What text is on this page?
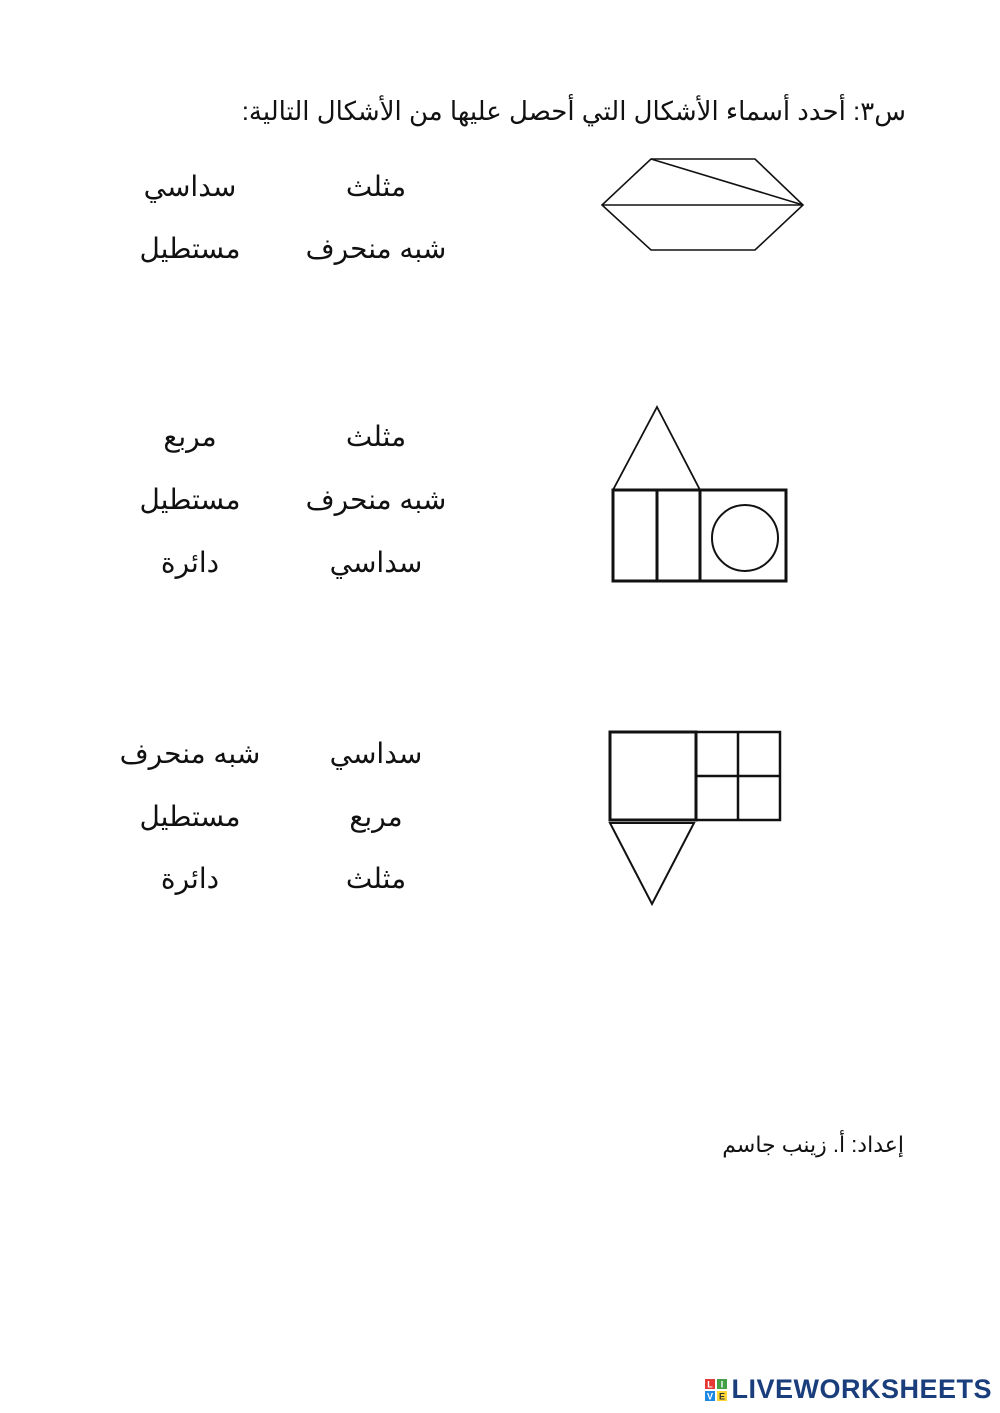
س٣: أحدد أسماء الأشكال التي أحصل عليها من الأشكال التالية:
مثلث
سداسي
شبه منحرف
مستطيل
مثلث
مربع
شبه منحرف
مستطيل
سداسي
دائرة
سداسي
شبه منحرف
مربع
مستطيل
مثلث
دائرة
إعداد: أ. زينب جاسم
L I
V E LIVEWORKSHEETS
